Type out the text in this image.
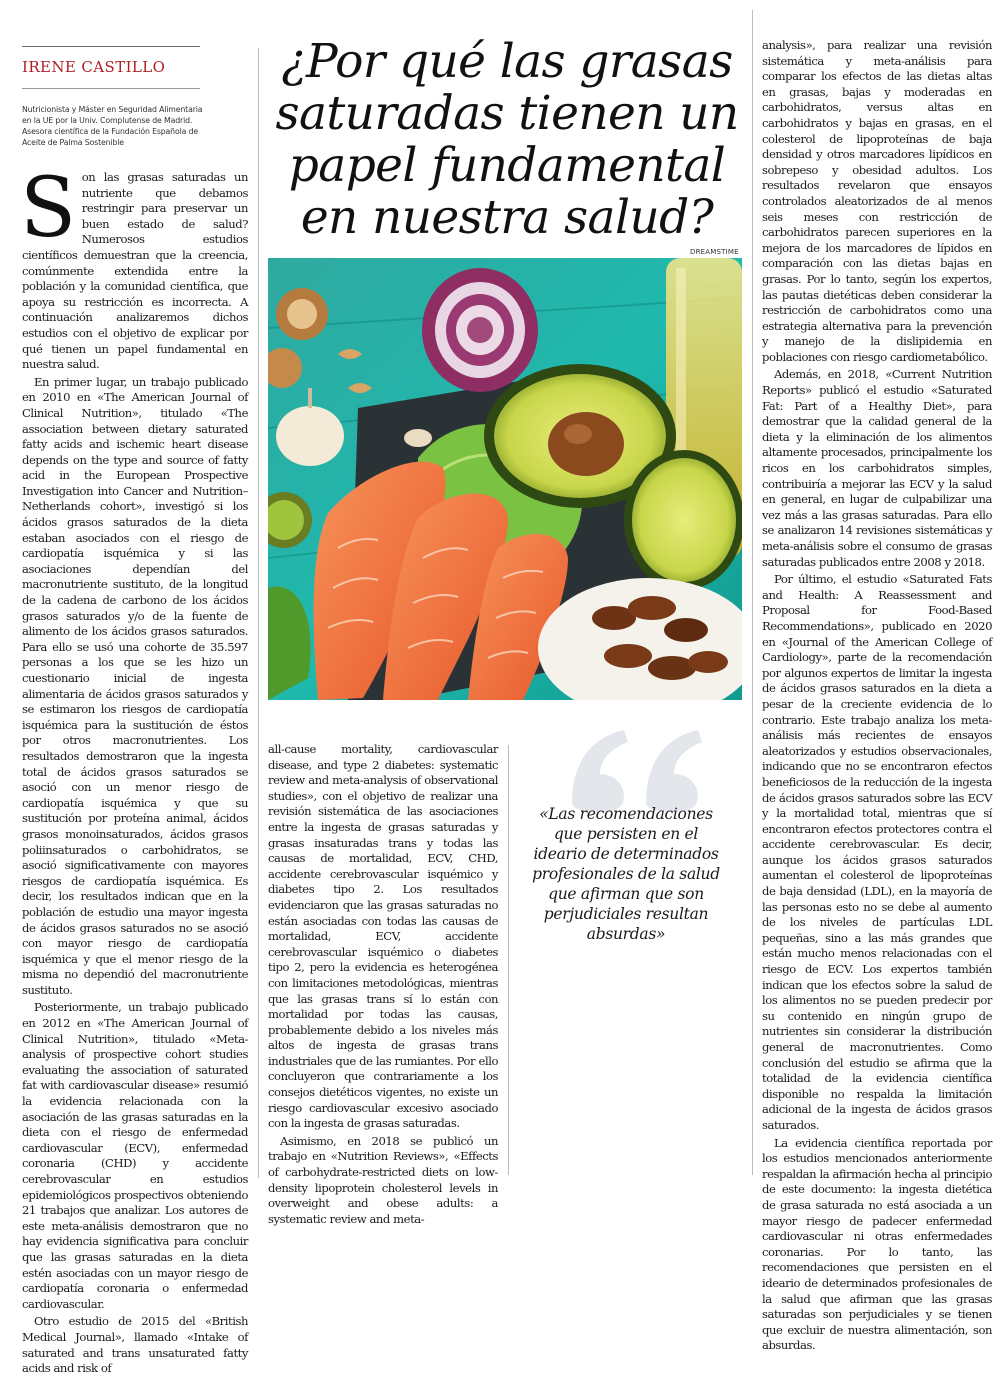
IRENE CASTILLO
Nutricionista y Máster en Seguridad Alimentaria en la UE por la Univ. Complutense de Madrid. Asesora científica de la Fundación Española de Aceite de Palma Sostenible
¿Por qué las grasas saturadas tienen un papel fundamental en nuestra salud?
DREAMSTIME

Son las grasas saturadas un nutriente que debamos restringir para preservar un buen estado de salud? Numerosos estudios científicos demuestran que la creencia, comúnmente extendida entre la población y la comunidad científica, que apoya su restricción es incorrecta. A continuación analizaremos dichos estudios con el objetivo de explicar por qué tienen un papel fundamental en nuestra salud.

En primer lugar, un trabajo publicado en 2010 en «The American Journal of Clinical Nutrition», titulado «The association between dietary saturated fatty acids and ischemic heart disease depends on the type and source of fatty acid in the European Prospective Investigation into Cancer and Nutrition–Netherlands cohort», investigó si los ácidos grasos saturados de la dieta estaban asociados con el riesgo de cardiopatía isquémica y si las asociaciones dependían del macronutriente sustituto, de la longitud de la cadena de carbono de los ácidos grasos saturados y/o de la fuente de alimento de los ácidos grasos saturados. Para ello se usó una cohorte de 35.597 personas a los que se les hizo un cuestionario inicial de ingesta alimentaria de ácidos grasos saturados y se estimaron los riesgos de cardiopatía isquémica para la sustitución de éstos por otros macronutrientes. Los resultados demostraron que la ingesta total de ácidos grasos saturados se asoció con un menor riesgo de cardiopatía isquémica y que su sustitución por proteína animal, ácidos grasos monoinsaturados, ácidos grasos poliinsaturados o carbohidratos, se asoció significativamente con mayores riesgos de cardiopatía isquémica. Es decir, los resultados indican que en la población de estudio una mayor ingesta de ácidos grasos saturados no se asoció con mayor riesgo de cardiopatía isquémica y que el menor riesgo de la misma no dependió del macronutriente sustituto.

Posteriormente, un trabajo publicado en 2012 en «The American Journal of Clinical Nutrition», titulado «Meta-analysis of prospective cohort studies evaluating the association of saturated fat with cardiovascular disease» resumió la evidencia relacionada con la asociación de las grasas saturadas en la dieta con el riesgo de enfermedad cardiovascular (ECV), enfermedad coronaria (CHD) y accidente cerebrovascular en estudios epidemiológicos prospectivos obteniendo 21 trabajos que analizar. Los autores de este meta-análisis demostraron que no hay evidencia significativa para concluir que las grasas saturadas en la dieta estén asociadas con un mayor riesgo de cardiopatía coronaria o enfermedad cardiovascular.

Otro estudio de 2015 del «British Medical Journal», llamado «Intake of saturated and trans unsaturated fatty acids and risk of

all-cause mortality, cardiovascular disease, and type 2 diabetes: systematic review and meta-analysis of observational studies», con el objetivo de realizar una revisión sistemática de las asociaciones entre la ingesta de grasas saturadas y grasas insaturadas trans y todas las causas de mortalidad, ECV, CHD, accidente cerebrovascular isquémico y diabetes tipo 2. Los resultados evidenciaron que las grasas saturadas no están asociadas con todas las causas de mortalidad, ECV, accidente cerebrovascular isquémico o diabetes tipo 2, pero la evidencia es heterogénea con limitaciones metodológicas, mientras que las grasas trans sí lo están con mortalidad por todas las causas, probablemente debido a los niveles más altos de ingesta de grasas trans industriales que de las rumiantes. Por ello concluyeron que contrariamente a los consejos dietéticos vigentes, no existe un riesgo cardiovascular excesivo asociado con la ingesta de grasas saturadas.

Asimismo, en 2018 se publicó un trabajo en «Nutrition Reviews», «Effects of carbohydrate-restricted diets on low-density lipoprotein cholesterol levels in overweight and obese adults: a systematic review and meta-

«Las recomendaciones que persisten en el ideario de determinados profesionales de la salud que afirman que son perjudiciales resultan absurdas»

analysis», para realizar una revisión sistemática y meta-análisis para comparar los efectos de las dietas altas en grasas, bajas y moderadas en carbohidratos, versus altas en carbohidratos y bajas en grasas, en el colesterol de lipoproteínas de baja densidad y otros marcadores lipídicos en sobrepeso y obesidad adultos. Los resultados revelaron que ensayos controlados aleatorizados de al menos seis meses con restricción de carbohidratos parecen superiores en la mejora de los marcadores de lípidos en comparación con las dietas bajas en grasas. Por lo tanto, según los expertos, las pautas dietéticas deben considerar la restricción de carbohidratos como una estrategia alternativa para la prevención y manejo de la dislipidemia en poblaciones con riesgo cardiometabólico.

Además, en 2018, «Current Nutrition Reports» publicó el estudio «Saturated Fat: Part of a Healthy Diet», para demostrar que la calidad general de la dieta y la eliminación de los alimentos altamente procesados, principalmente los ricos en los carbohidratos simples, contribuiría a mejorar las ECV y la salud en general, en lugar de culpabilizar una vez más a las grasas saturadas. Para ello se analizaron 14 revisiones sistemáticas y meta-análisis sobre el consumo de grasas saturadas publicados entre 2008 y 2018.

Por último, el estudio «Saturated Fats and Health: A Reassessment and Proposal for Food-Based Recommendations», publicado en 2020 en «Journal of the American College of Cardiology», parte de la recomendación por algunos expertos de limitar la ingesta de ácidos grasos saturados en la dieta a pesar de la creciente evidencia de lo contrario. Este trabajo analiza los meta-análisis más recientes de ensayos aleatorizados y estudios observacionales, indicando que no se encontraron efectos beneficiosos de la reducción de la ingesta de ácidos grasos saturados sobre las ECV y la mortalidad total, mientras que sí encontraron efectos protectores contra el accidente cerebrovascular. Es decir, aunque los ácidos grasos saturados aumentan el colesterol de lipoproteínas de baja densidad (LDL), en la mayoría de las personas esto no se debe al aumento de los niveles de partículas LDL pequeñas, sino a las más grandes que están mucho menos relacionadas con el riesgo de ECV. Los expertos también indican que los efectos sobre la salud de los alimentos no se pueden predecir por su contenido en ningún grupo de nutrientes sin considerar la distribución general de macronutrientes. Como conclusión del estudio se afirma que la totalidad de la evidencia científica disponible no respalda la limitación adicional de la ingesta de ácidos grasos saturados.

La evidencia científica reportada por los estudios mencionados anteriormente respaldan la afirmación hecha al principio de este documento: la ingesta dietética de grasa saturada no está asociada a un mayor riesgo de padecer enfermedad cardiovascular ni otras enfermedades coronarias. Por lo tanto, las recomendaciones que persisten en el ideario de determinados profesionales de la salud que afirman que las grasas saturadas son perjudiciales y se tienen que excluir de nuestra alimentación, son absurdas.
